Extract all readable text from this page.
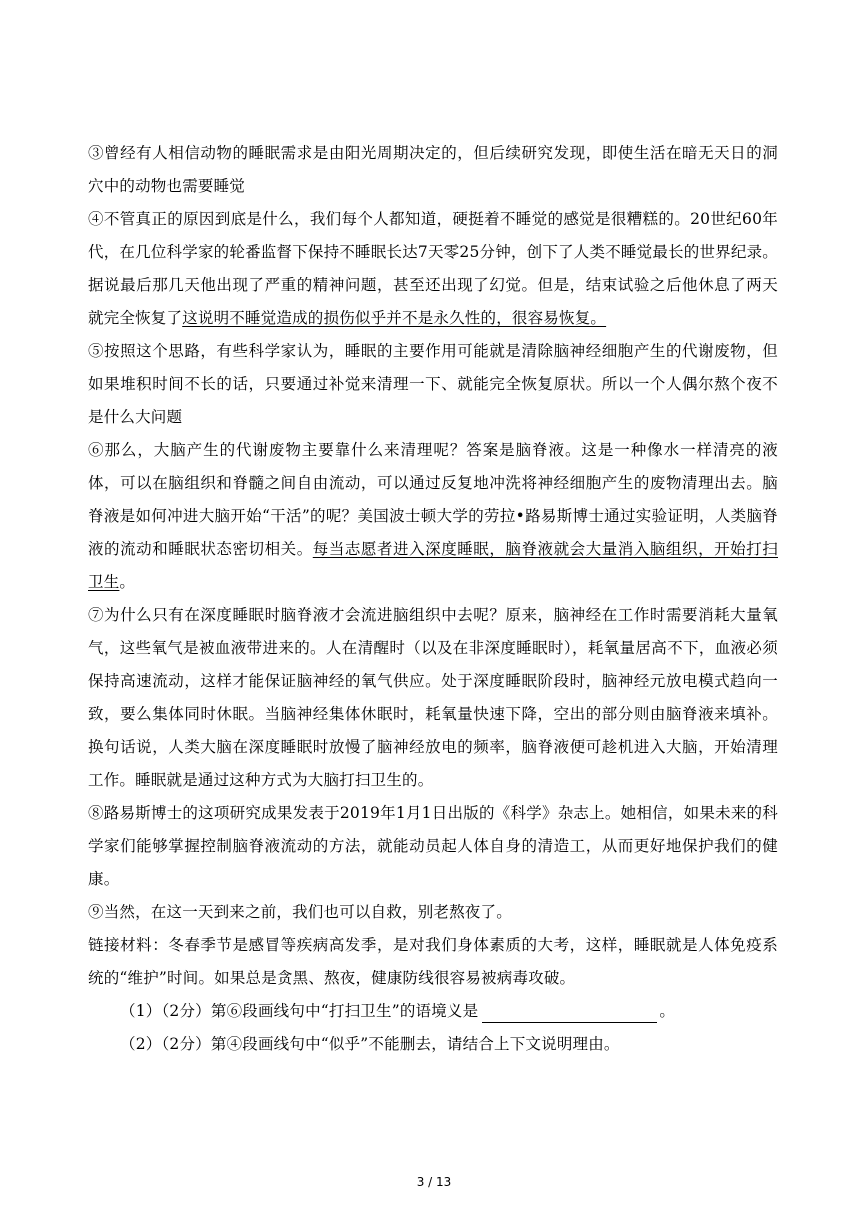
③曾经有人相信动物的睡眠需求是由阳光周期决定的，但后续研究发现，即使生活在暗无天日的洞穴中的动物也需要睡觉

④不管真正的原因到底是什么，我们每个人都知道，硬挺着不睡觉的感觉是很糟糕的。20世纪60年代，在几位科学家的轮番监督下保持不睡眠长达7天零25分钟，创下了人类不睡觉最长的世界纪录。据说最后那几天他出现了严重的精神问题，甚至还出现了幻觉。但是，结束试验之后他休息了两天就完全恢复了这说明不睡觉造成的损伤似乎并不是永久性的，很容易恢复。

⑤按照这个思路，有些科学家认为，睡眠的主要作用可能就是清除脑神经细胞产生的代谢废物，但如果堆积时间不长的话，只要通过补觉来清理一下、就能完全恢复原状。所以一个人偶尔熬个夜不是什么大问题

⑥那么，大脑产生的代谢废物主要靠什么来清理呢？答案是脑脊液。这是一种像水一样清亮的液体，可以在脑组织和脊髓之间自由流动，可以通过反复地冲洗将神经细胞产生的废物清理出去。脑脊液是如何冲进大脑开始“干活”的呢？美国波士顿大学的劳拉•路易斯博士通过实验证明，人类脑脊液的流动和睡眠状态密切相关。每当志愿者进入深度睡眠，脑脊液就会大量消入脑组织，开始打扫卫生。

⑦为什么只有在深度睡眠时脑脊液才会流进脑组织中去呢？原来，脑神经在工作时需要消耗大量氧气，这些氧气是被血液带进来的。人在清醒时（以及在非深度睡眠时），耗氧量居高不下，血液必须保持高速流动，这样才能保证脑神经的氧气供应。处于深度睡眠阶段时，脑神经元放电模式趋向一致，要么集体同时休眠。当脑神经集体休眠时，耗氧量快速下降，空出的部分则由脑脊液来填补。换句话说，人类大脑在深度睡眠时放慢了脑神经放电的频率，脑脊液便可趁机进入大脑，开始清理工作。睡眠就是通过这种方式为大脑打扫卫生的。

⑧路易斯博士的这项研究成果发表于2019年1月1日出版的《科学》杂志上。她相信，如果未来的科学家们能够掌握控制脑脊液流动的方法，就能动员起人体自身的清造工，从而更好地保护我们的健康。

⑨当然，在这一天到来之前，我们也可以自救，别老熬夜了。

链接材料：冬春季节是感冒等疾病高发季，是对我们身体素质的大考，这样，睡眠就是人体免疫系统的“维护”时间。如果总是贪黑、熬夜，健康防线很容易被病毒攻破。

（1）（2分）第⑥段画线句中“打扫卫生”的语境义是	。

（2）（2分）第④段画线句中“似乎”不能删去，请结合上下文说明理由。

3 / 13
